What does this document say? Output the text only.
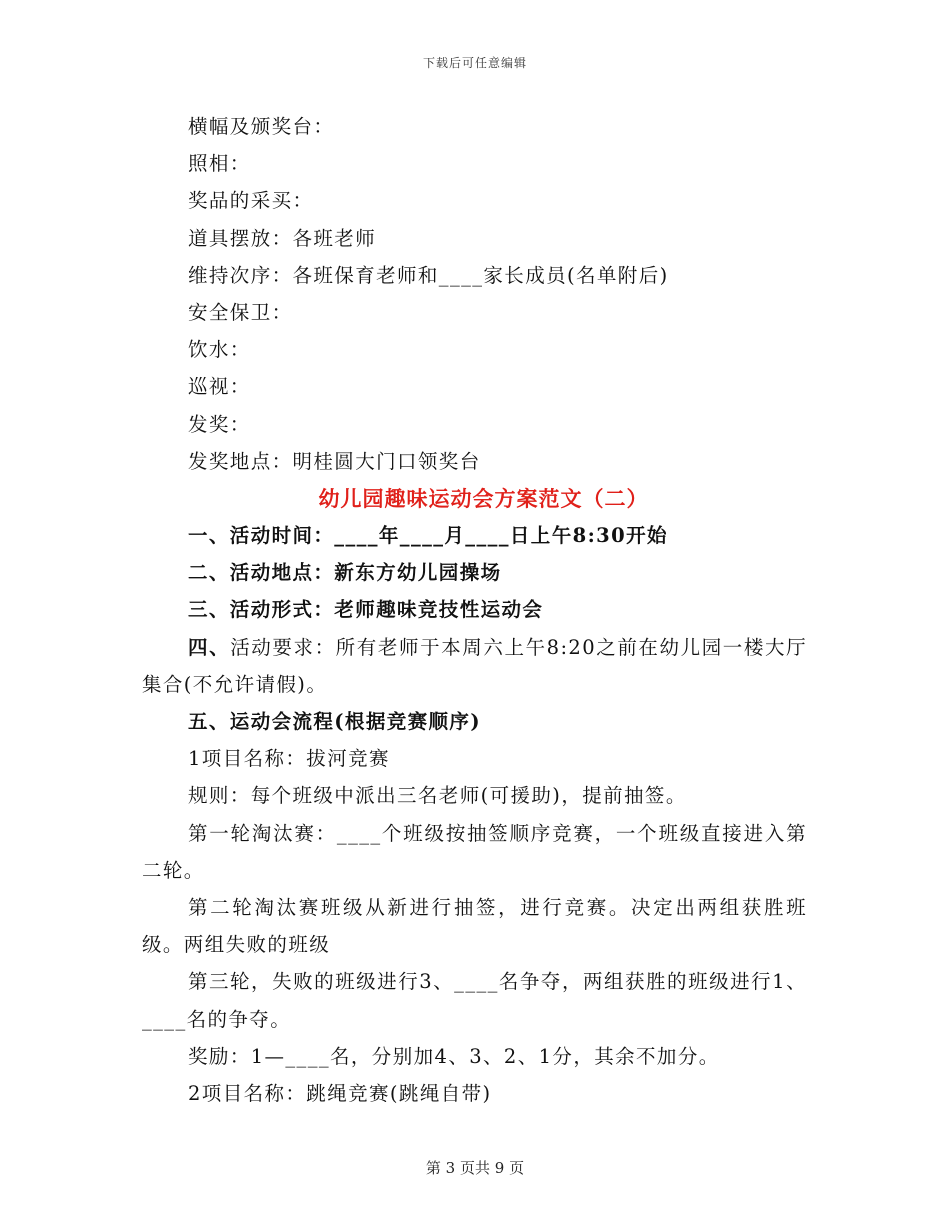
下载后可任意编辑
横幅及颁奖台：
照相：
奖品的采买：
道具摆放：各班老师
维持次序：各班保育老师和____家长成员(名单附后)
安全保卫：
饮水：
巡视：
发奖：
发奖地点：明桂圆大门口领奖台
幼儿园趣味运动会方案范文（二）
一、活动时间：____年____月____日上午8:30开始
二、活动地点：新东方幼儿园操场
三、活动形式：老师趣味竞技性运动会
四、活动要求：所有老师于本周六上午8:20之前在幼儿园一楼大厅集合(不允许请假)。
五、运动会流程(根据竞赛顺序)
1项目名称：拔河竞赛
规则：每个班级中派出三名老师(可援助)，提前抽签。
第一轮淘汰赛：____个班级按抽签顺序竞赛，一个班级直接进入第二轮。
第二轮淘汰赛班级从新进行抽签，进行竞赛。决定出两组获胜班级。两组失败的班级
第三轮，失败的班级进行3、____名争夺，两组获胜的班级进行1、____名的争夺。
奖励：1—____名，分别加4、3、2、1分，其余不加分。
2项目名称：跳绳竞赛(跳绳自带)
第 3 页共 9 页
